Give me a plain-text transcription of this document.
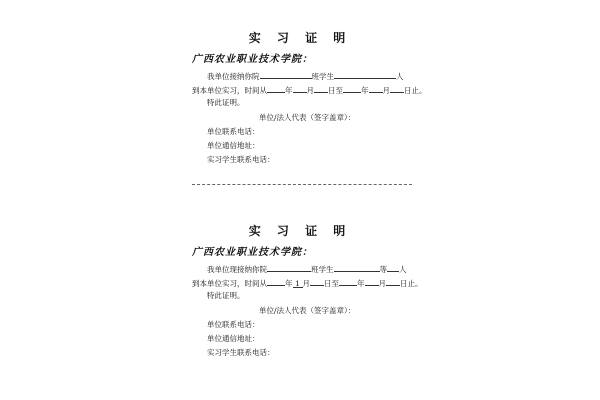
实 习 证 明
广西农业职业技术学院：
我单位接纳你院	班学生	人
到本单位实习，时间从 年 月 日至 年 月 日止。
特此证明。
单位/法人代表（签字盖章）：
单位联系电话：
单位通信地址：
实习学生联系电话：
实 习 证 明
广西农业职业技术学院：
我单位现接纳你院	班学生	等 人
到本单位实习，时间从 年 1 月 日至 年 月 日止。
特此证明。
单位/法人代表（签字盖章）：
单位联系电话：
单位通信地址：
实习学生联系电话：
